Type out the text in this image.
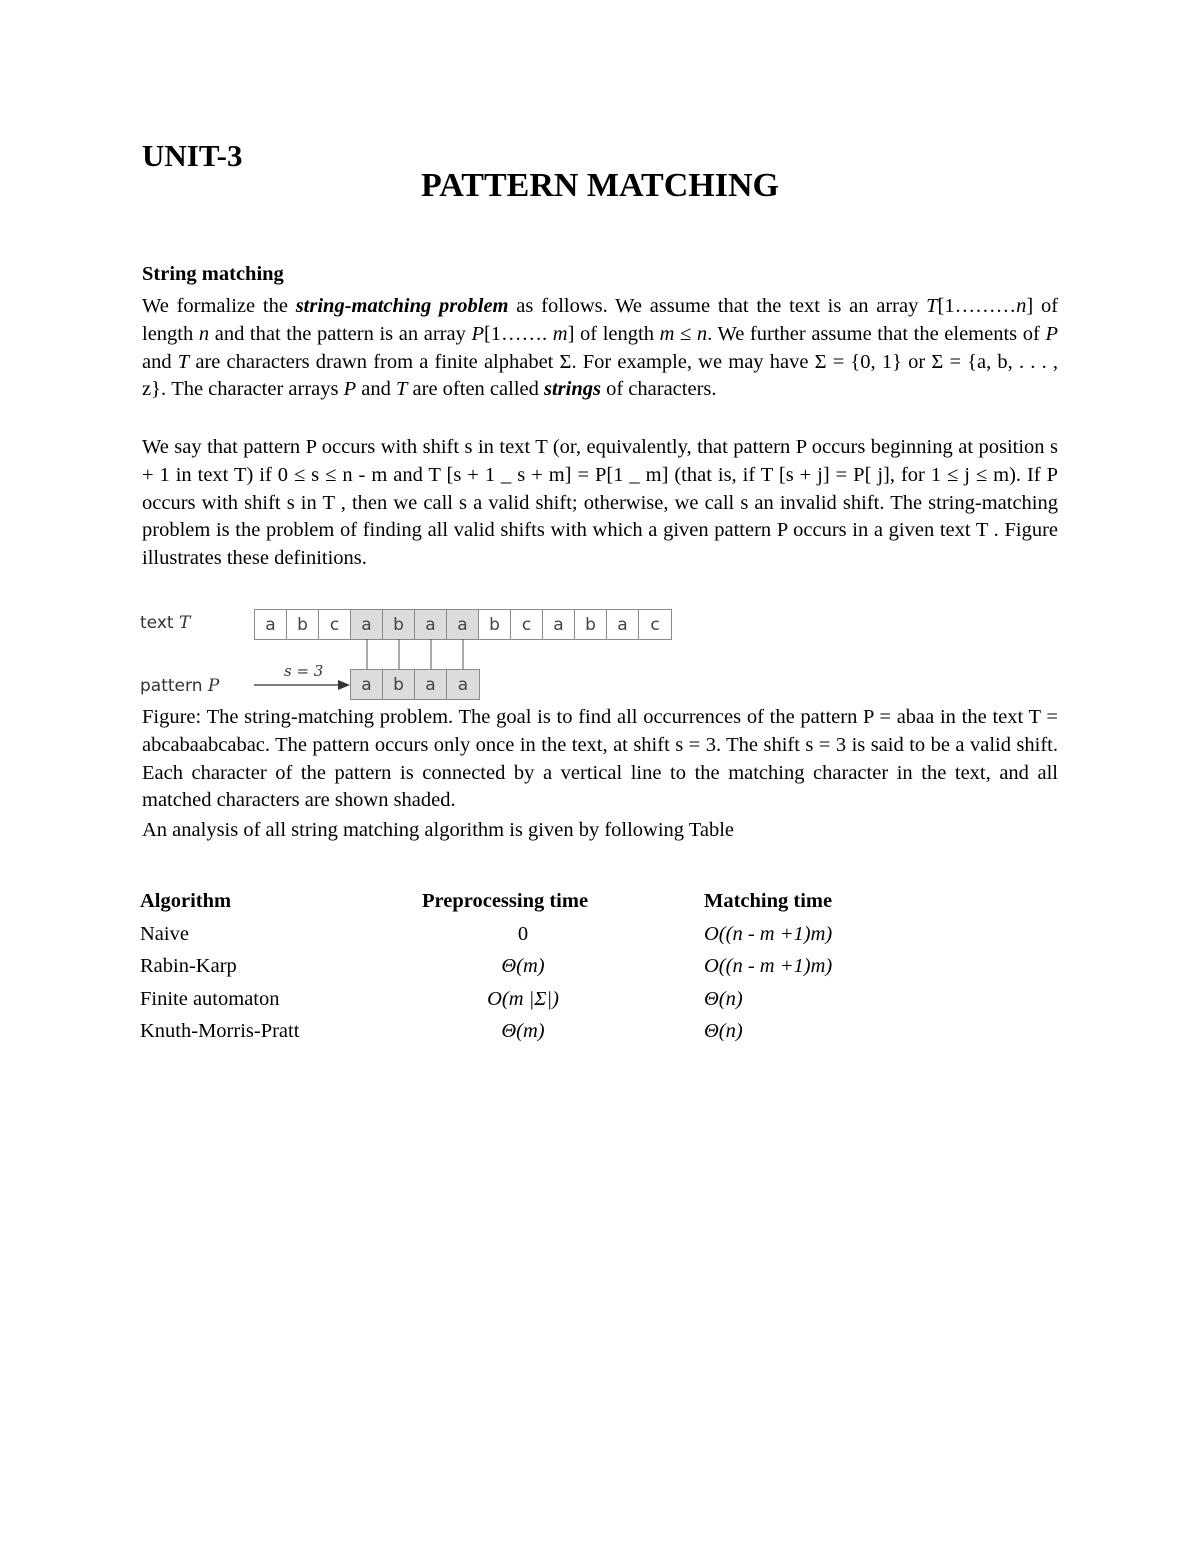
UNIT-3
PATTERN MATCHING
String matching
We formalize the string-matching problem as follows. We assume that the text is an array T[1………n] of length n and that the pattern is an array P[1……. m] of length m ≤ n. We further assume that the elements of P and T are characters drawn from a finite alphabet Σ. For example, we may have Σ = {0, 1} or Σ = {a, b, . . . , z}. The character arrays P and T are often called strings of characters.
We say that pattern P occurs with shift s in text T (or, equivalently, that pattern P occurs beginning at position s + 1 in text T) if 0 ≤ s ≤ n - m and T [s + 1 _ s + m] = P[1 _ m] (that is, if T [s + j] = P[ j], for 1 ≤ j ≤ m). If P occurs with shift s in T , then we call s a valid shift; otherwise, we call s an invalid shift. The string-matching problem is the problem of finding all valid shifts with which a given pattern P occurs in a given text T . Figure illustrates these definitions.
text T
pattern P
a	b	c	a	b	a	a	b	c	a	b	a	c
a	b	a	a
s = 3
Figure: The string-matching problem. The goal is to find all occurrences of the pattern P = abaa in the text T = abcabaabcabac. The pattern occurs only once in the text, at shift s = 3. The shift s = 3 is said to be a valid shift. Each character of the pattern is connected by a vertical line to the matching character in the text, and all matched characters are shown shaded.
An analysis of all string matching algorithm is given by following Table
Algorithm	Preprocessing time	Matching time
Naive	0	O((n - m +1)m)
Rabin-Karp	Θ(m)	O((n - m +1)m)
Finite automaton	O(m |Σ|)	Θ(n)
Knuth-Morris-Pratt	Θ(m)	Θ(n)
